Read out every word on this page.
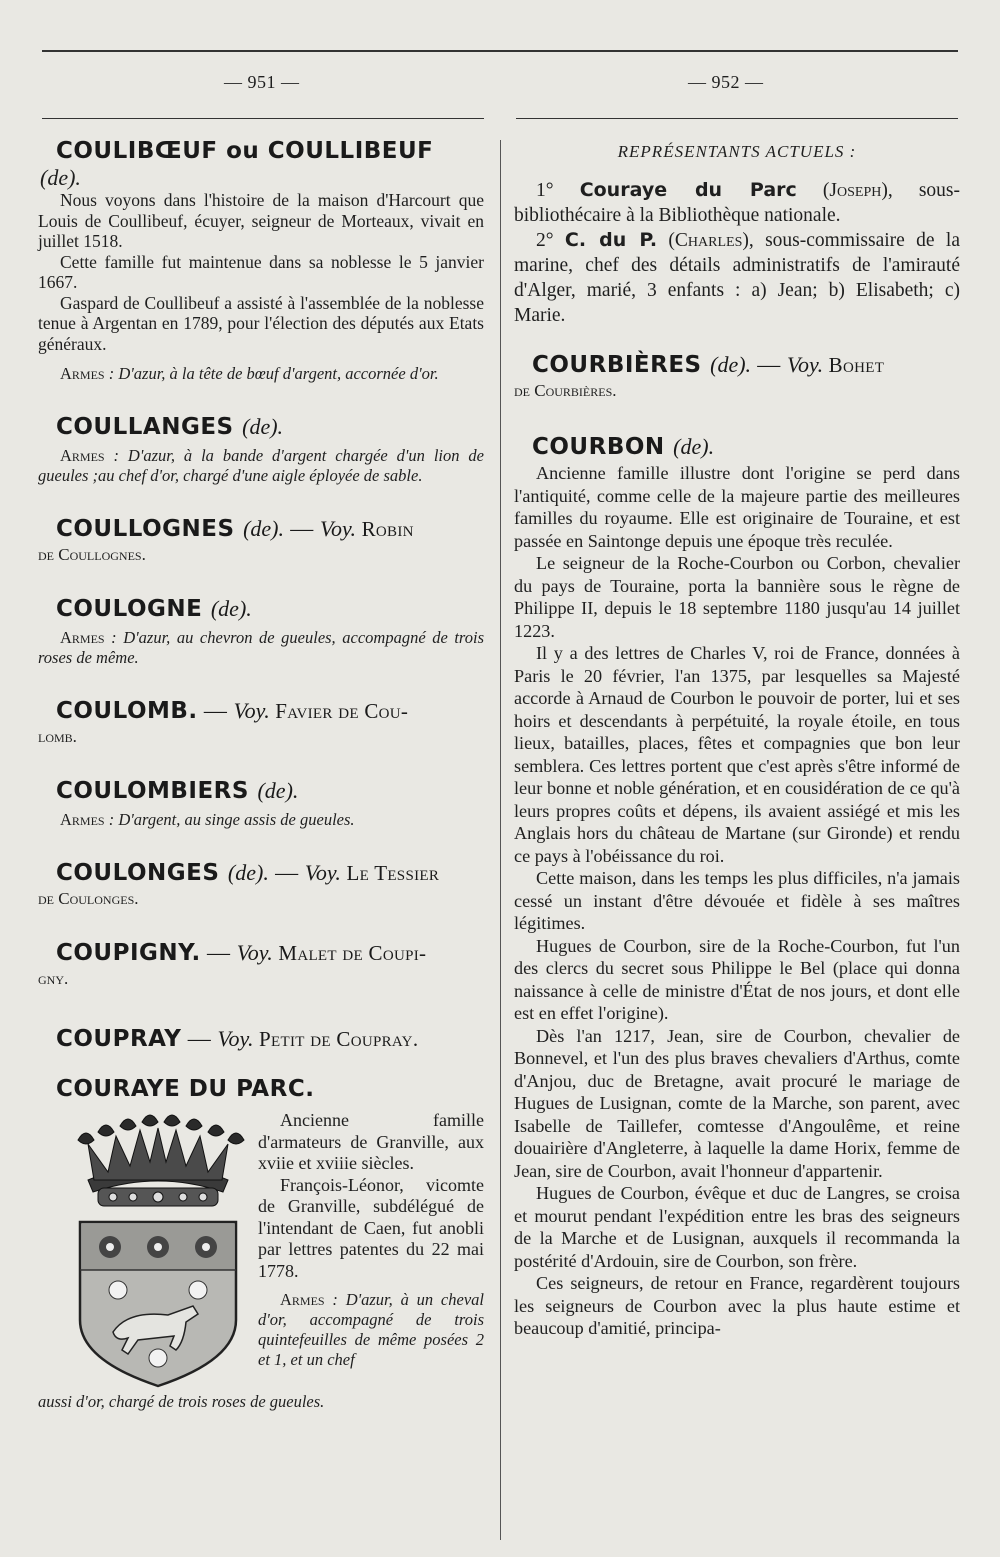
— 951 —	— 952 —
COULIBŒUF ou COULLIBEUF
(de).

Nous voyons dans l'histoire de la maison d'Harcourt que Louis de Coullibeuf, écuyer, seigneur de Morteaux, vivait en juillet 1518.

Cette famille fut maintenue dans sa noblesse le 5 janvier 1667.

Gaspard de Coullibeuf a assisté à l'assemblée de la noblesse tenue à Argentan en 1789, pour l'élection des députés aux Etats généraux.

Armes : D'azur, à la tête de bœuf d'argent, accornée d'or.

COULLANGES (de).

Armes : D'azur, à la bande d'argent chargée d'un lion de gueules ;au chef d'or, chargé d'une aigle éployée de sable.

COULLOGNES (de). — Voy. Robin
de Coullognes.
COULOGNE (de).

Armes : D'azur, au chevron de gueules, accompagné de trois roses de même.

COULOMB. — Voy. Favier de Cou-
lomb.
COULOMBIERS (de).

Armes : D'argent, au singe assis de gueules.

COULONGES (de). — Voy. Le Tessier
de Coulonges.
COUPIGNY. — Voy. Malet de Coupi-
gny.
COUPRAY — Voy. Petit de Coupray.
COURAYE DU PARC.

Ancienne famille d'armateurs de Granville, aux xviie et xviiie siècles.

François-Léonor, vicomte de Granville, subdélégué de l'intendant de Caen, fut anobli par lettres patentes du 22 mai 1778.

Armes : D'azur, à un cheval d'or, accompagné de trois quintefeuilles de même posées 2 et 1, et un chef

aussi d'or, chargé de trois roses de gueules.

REPRÉSENTANTS ACTUELS :

1° Couraye du Parc (Joseph), sous-bibliothécaire à la Bibliothèque nationale.

2° C. du P. (Charles), sous-commissaire de la marine, chef des détails administratifs de l'amirauté d'Alger, marié, 3 enfants : a) Jean; b) Elisabeth; c) Marie.

COURBIÈRES (de). — Voy. Bohet
de Courbières.
COURBON (de).

Ancienne famille illustre dont l'origine se perd dans l'antiquité, comme celle de la majeure partie des meilleures familles du royaume. Elle est originaire de Touraine, et est passée en Saintonge depuis une époque très reculée.

Le seigneur de la Roche-Courbon ou Corbon, chevalier du pays de Touraine, porta la bannière sous le règne de Philippe II, depuis le 18 septembre 1180 jusqu'au 14 juillet 1223.

Il y a des lettres de Charles V, roi de France, données à Paris le 20 février, l'an 1375, par lesquelles sa Majesté accorde à Arnaud de Courbon le pouvoir de porter, lui et ses hoirs et descendants à perpétuité, la royale étoile, en tous lieux, batailles, places, fêtes et compagnies que bon leur semblera. Ces lettres portent que c'est après s'être informé de leur bonne et noble génération, et en cousidération de ce qu'à leurs propres coûts et dépens, ils avaient assiégé et mis les Anglais hors du château de Martane (sur Gironde) et rendu ce pays à l'obéissance du roi.

Cette maison, dans les temps les plus difficiles, n'a jamais cessé un instant d'être dévouée et fidèle à ses maîtres légitimes.

Hugues de Courbon, sire de la Roche-Courbon, fut l'un des clercs du secret sous Philippe le Bel (place qui donna naissance à celle de ministre d'État de nos jours, et dont elle est en effet l'origine).

Dès l'an 1217, Jean, sire de Courbon, chevalier de Bonnevel, et l'un des plus braves chevaliers d'Arthus, comte d'Anjou, duc de Bretagne, avait procuré le mariage de Hugues de Lusignan, comte de la Marche, son parent, avec Isabelle de Taillefer, comtesse d'Angoulême, et reine douairière d'Angleterre, à laquelle la dame Horix, femme de Jean, sire de Courbon, avait l'honneur d'appartenir.

Hugues de Courbon, évêque et duc de Langres, se croisa et mourut pendant l'expédition entre les bras des seigneurs de la Marche et de Lusignan, auxquels il recommanda la postérité d'Ardouin, sire de Courbon, son frère.

Ces seigneurs, de retour en France, regardèrent toujours les seigneurs de Courbon avec la plus haute estime et beaucoup d'amitié, principa-
